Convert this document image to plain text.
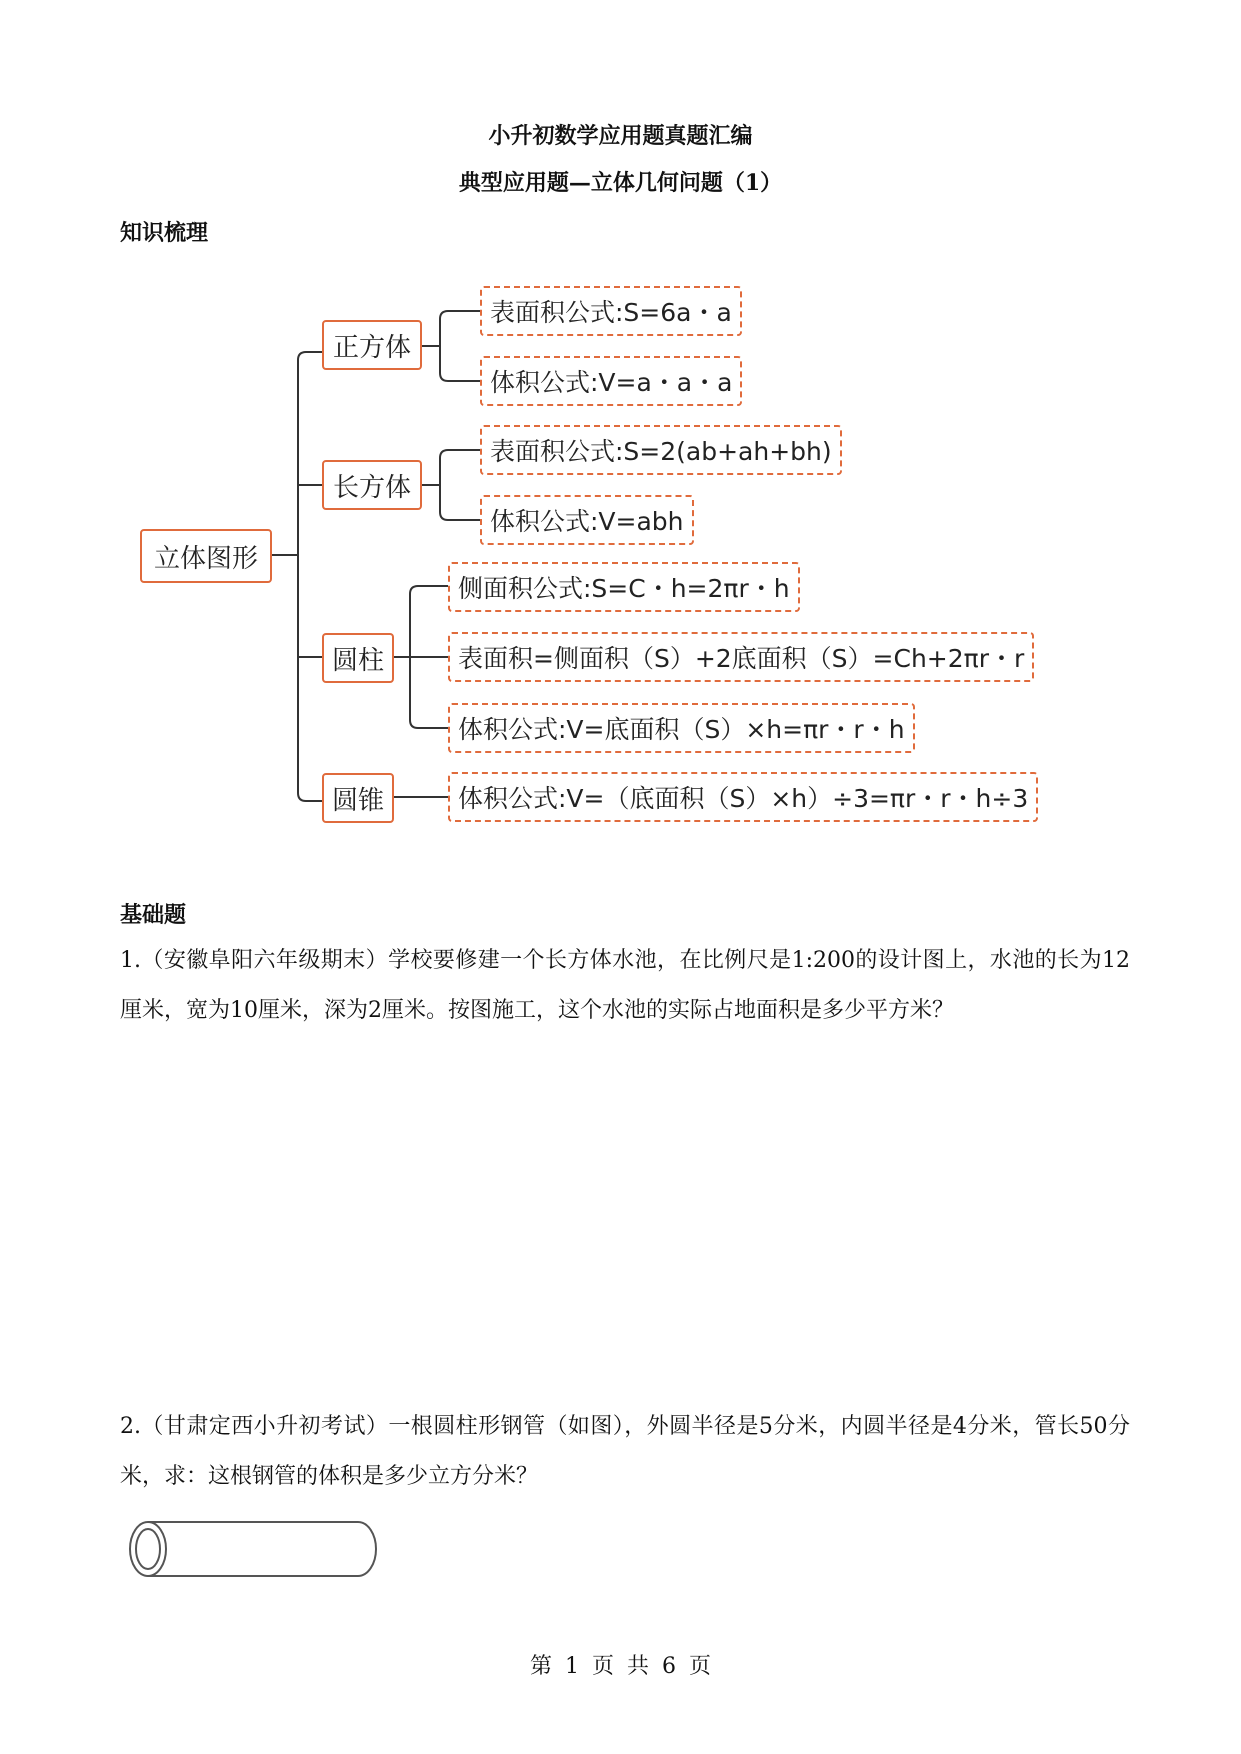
小升初数学应用题真题汇编
典型应用题—立体几何问题（1）
知识梳理
立体图形
正方体
长方体
圆柱
圆锥
表面积公式:S=6a・a
体积公式:V=a・a・a
表面积公式:S=2(ab+ah+bh)
体积公式:V=abh
侧面积公式:S=C・h=2πr・h
表面积=侧面积（S）+2底面积（S）=Ch+2πr・r
体积公式:V=底面积（S）×h=πr・r・h
体积公式:V=（底面积（S）×h）÷3=πr・r・h÷3
基础题
1.（安徽阜阳六年级期末）学校要修建一个长方体水池，在比例尺是1:200的设计图上，水池的长为12厘米，宽为10厘米，深为2厘米。按图施工，这个水池的实际占地面积是多少平方米？
2.（甘肃定西小升初考试）一根圆柱形钢管（如图），外圆半径是5分米，内圆半径是4分米，管长50分米，求：这根钢管的体积是多少立方分米？
第 1 页 共 6 页
